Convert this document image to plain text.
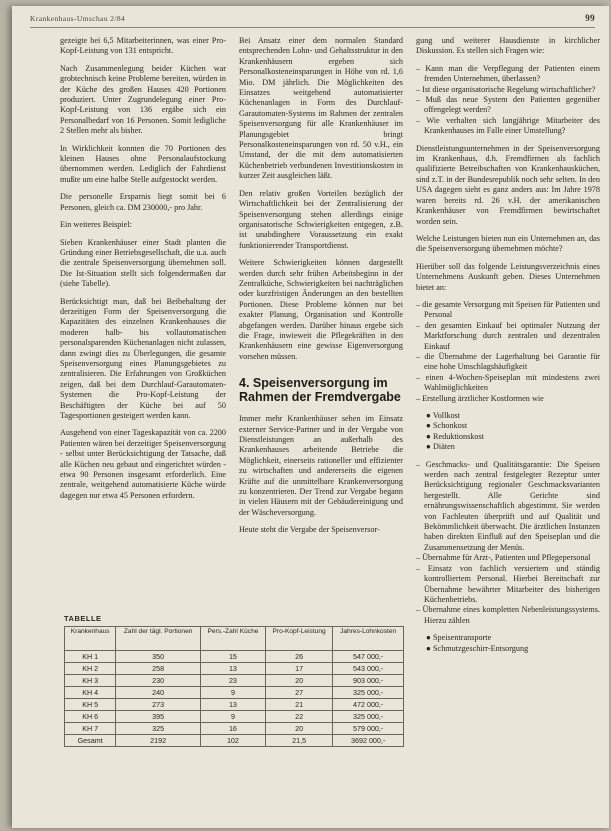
Krankenhaus-Umschau 2/84	99

gezeigte bei 6,5 Mitarbeiterinnen, was einer Pro-Kopf-Leistung von 131 entspricht.

Nach Zusammenlegung beider Küchen war grobtechnisch keine Probleme bereiten, würden in der Küche des großen Hauses 420 Portionen produziert. Unter Zugrundelegung einer Pro-Kopf-Leistung von 136 ergäbe sich ein Personalbedarf von 16 Personen. Somit ledigliche 2 Stellen mehr als bisher.

In Wirklichkeit konnten die 70 Portionen des kleinen Hauses ohne Personalaufstockung übernommen werden. Lediglich der Fahrdienst mußte um eine halbe Stelle aufgestockt werden.

Die personelle Ersparnis liegt somit bei 6 Personen, gleich ca. DM 230000,- pro Jahr.

Ein weiteres Beispiel:

Sieben Krankenhäuser einer Stadt planten die Gründung einer Betriebsgesellschaft, die u.a. auch die zentrale Speisenversorgung übernehmen soll. Die Ist-Situation stellt sich folgendermaßen dar (siehe Tabelle).

Berücksichtigt man, daß bei Beibehaltung der derzeitigen Form der Speisenversorgung die Kapazitäten des einzelnen Krankenhauses die moderen halb- bis vollautomatischen personalsparenden Küchenanlagen nicht zulassen, dann zwingt dies zu Überlegungen, die gesamte Speisenversorgung eines Planungsgebietes zu zentralisieren. Die Erfahrungen von Großküchen zeigen, daß bei dem Durchlauf-Garautomaten-Systemen die Pro-Kopf-Leistung der Beschäftigten der Küche bei auf 50 Tagesportionen gesteigert werden kann.

Ausgehend von einer Tageskapazität von ca. 2200 Patienten wären bei derzeitiger Speisenversorgung - selbst unter Berücksichtigung der Tatsache, daß alle Küchen neu gebaut und eingerichtet würden - etwa 90 Personen insgesamt erforderlich. Eine zentrale, weitgehend automatisierte Küche würde dagegen nur etwa 45 Personen erfordern.

Bei Ansatz einer dem normalen Standard entsprechenden Lohn- und Gehaltsstruktur in den Krankenhäusern ergeben sich Personalkosteneinsparungen in Höhe von rd. 1,6 Mio. DM jährlich. Die Möglichkeiten des Einsatzes weitgehend automatisierter Küchenanlagen in Form des Durchlauf-Garautomaten-Systems im Rahmen der zentralen Speisenversorgung für alle Krankenhäuser im Planungsgebiet bringt Personalkosteneinsparungen von rd. 50 v.H., ein Umstand, der die mit dem automatisierten Küchenbetrieb verbundenen Investitionskosten in kurzer Zeit ausgleichen läßt.

Den relativ großen Vorteilen bezüglich der Wirtschaftlichkeit bei der Zentralisierung der Speisenversorgung stehen allerdings einige organisatorische Schwierigkeiten entgegen, z.B. ist unabdinghere Voraussetzung ein exakt funktionierender Transportdienst.

Weitere Schwierigkeiten können dargestellt werden durch sehr frühen Arbeitsbeginn in der Zentralküche, Schwierigkeiten bei nachträglichen oder kurzfristigen Änderungen an den bestellten Portionen. Diese Probleme können nur bei exakter Planung, Organisation und Kontrolle abgefangen werden. Darüber hinaus ergebe sich die Frage, inwieweit die Pflegekräften in den Krankenhäusern eine gewisse Eigenversorgung vorsehen müssen.

4. Speisenversorgung im Rahmen der Fremdvergabe

Immer mehr Krankenhäuser sehen im Einsatz externer Service-Partner und in der Vergabe von Dienstleistungen an außerhalb des Krankenhauses arbeitende Betriebe die Möglichkeit, einerseits rationeller und effizienter zu wirtschaften und andererseits die eigenen Kräfte auf die unmittelbare Krankenversorgung zu konzentrieren. Der Trend zur Vergabe begann in vielen Häusern mit der Gebäudereinigung und der Wäscheversorgung.

Heute steht die Vergabe der Speisenversor-

gung und weiterer Hausdienste in kirchlicher Diskussion. Es stellen sich Fragen wie:

– Kann man die Verpflegung der Patienten einem fremden Unternehmen, überlassen?
– Ist diese organisatorische Regelung wirtschaftlicher?
– Muß das neue System den Patienten gegenüber offengelegt werden?
– Wie verhalten sich langjährige Mitarbeiter des Krankenhauses im Falle einer Umstellung?

Dienstleistungsunternehmen in der Speisenversorgung im Krankenhaus, d.h. Fremdfirmen als fachlich qualifizierte Betreibschaften von Krankenhausküchen, sind z.T. in der Bundesrepublik noch sehr selten. In den USA dagegen sieht es ganz anders aus: Im Jahre 1978 waren bereits rd. 26 v.H. der amerikanischen Krankenhäuser von Fremdfirmen bewirtschaftet worden sein.

Welche Leistungen bieten nun ein Unternehmen an, das die Speisenversorgung übernehmen möchte?

Hierüber soll das folgende Leistungsverzeichnis eines Unternehmens Auskunft geben. Dieses Unternehmen bietet an:

– die gesamte Versorgung mit Speisen für Patienten und Personal
– den gesamten Einkauf bei optimaler Nutzung der Marktforschung durch zentralen und dezentralen Einkauf
– die Übernahme der Lagerhaltung bei Garantie für eine hohe Umschlagshäufigkeit
– einen 4-Wochen-Speiseplan mit mindestens zwei Wahlmöglichkeiten
– Erstellung ärztlicher Kostformen wie
● Vollkost
● Schonkost
● Reduktionskost
● Diäten
– Geschmacks- und Qualitätsgarantie: Die Speisen werden nach zentral festgelegter Rezeptur unter Berücksichtigung regionaler Geschmacksvarianten hergestellt. Alle Gerichte sind ernährungswissenschaftlich abgestimmt. Sie werden von Fachleuten überprüft und auf Qualität und Bekömmlichkeit überwacht. Die ärztlichen Instanzen haben direkten Einfluß auf den Speiseplan und die Zusammensetzung der Menüs.
– Übernahme für Arzt-, Patienten und Pflegepersonal
– Einsatz von fachlich versiertem und ständig kontrolliertem Personal. Hierbei Bereitschaft zur Übernahme bewährter Mitarbeiter des bisherigen Küchenbetriebs.
– Übernahme eines kompletten Nebenleistungssystems. Hierzu zählen
● Speisentransporte
● Schmutzgeschirr-Entsorgung
TABELLE
Krankenhaus	Zahl der tägl. Portionen	Pers.-Zahl Küche	Pro-Kopf-Leistung	Jahres-Lohnkosten
KH 1	350	15	26	547 000,-
KH 2	258	13	17	543 000,-
KH 3	230	23	20	903 000,-
KH 4	240	9	27	325 000,-
KH 5	273	13	21	472 000,-
KH 6	395	9	22	325 000,-
KH 7	325	16	20	579 000,-
Gesamt	2192	102	21,5	3692 000,-
